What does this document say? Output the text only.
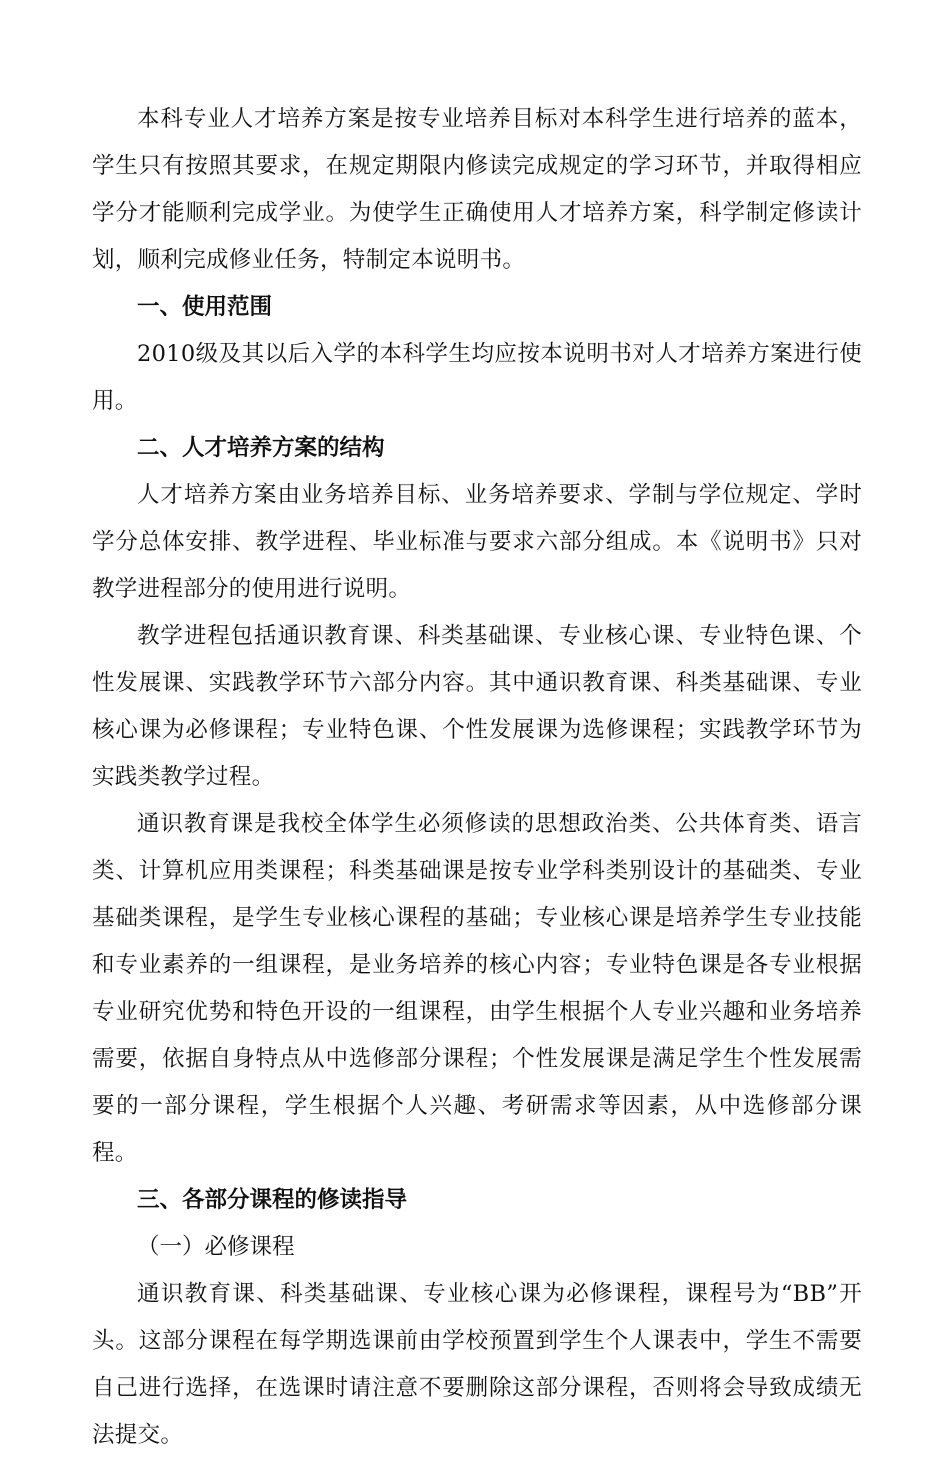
本科专业人才培养方案是按专业培养目标对本科学生进行培养的蓝本，学生只有按照其要求，在规定期限内修读完成规定的学习环节，并取得相应学分才能顺利完成学业。为使学生正确使用人才培养方案，科学制定修读计划，顺利完成修业任务，特制定本说明书。

一、使用范围

2010级及其以后入学的本科学生均应按本说明书对人才培养方案进行使用。

二、人才培养方案的结构

人才培养方案由业务培养目标、业务培养要求、学制与学位规定、学时学分总体安排、教学进程、毕业标准与要求六部分组成。本《说明书》只对教学进程部分的使用进行说明。

教学进程包括通识教育课、科类基础课、专业核心课、专业特色课、个性发展课、实践教学环节六部分内容。其中通识教育课、科类基础课、专业核心课为必修课程；专业特色课、个性发展课为选修课程；实践教学环节为实践类教学过程。

通识教育课是我校全体学生必须修读的思想政治类、公共体育类、语言类、计算机应用类课程；科类基础课是按专业学科类别设计的基础类、专业基础类课程，是学生专业核心课程的基础；专业核心课是培养学生专业技能和专业素养的一组课程，是业务培养的核心内容；专业特色课是各专业根据专业研究优势和特色开设的一组课程，由学生根据个人专业兴趣和业务培养需要，依据自身特点从中选修部分课程；个性发展课是满足学生个性发展需要的一部分课程，学生根据个人兴趣、考研需求等因素，从中选修部分课程。

三、各部分课程的修读指导

（一）必修课程

通识教育课、科类基础课、专业核心课为必修课程，课程号为“BB”开头。这部分课程在每学期选课前由学校预置到学生个人课表中，学生不需要自己进行选择，在选课时请注意不要删除这部分课程，否则将会导致成绩无法提交。
